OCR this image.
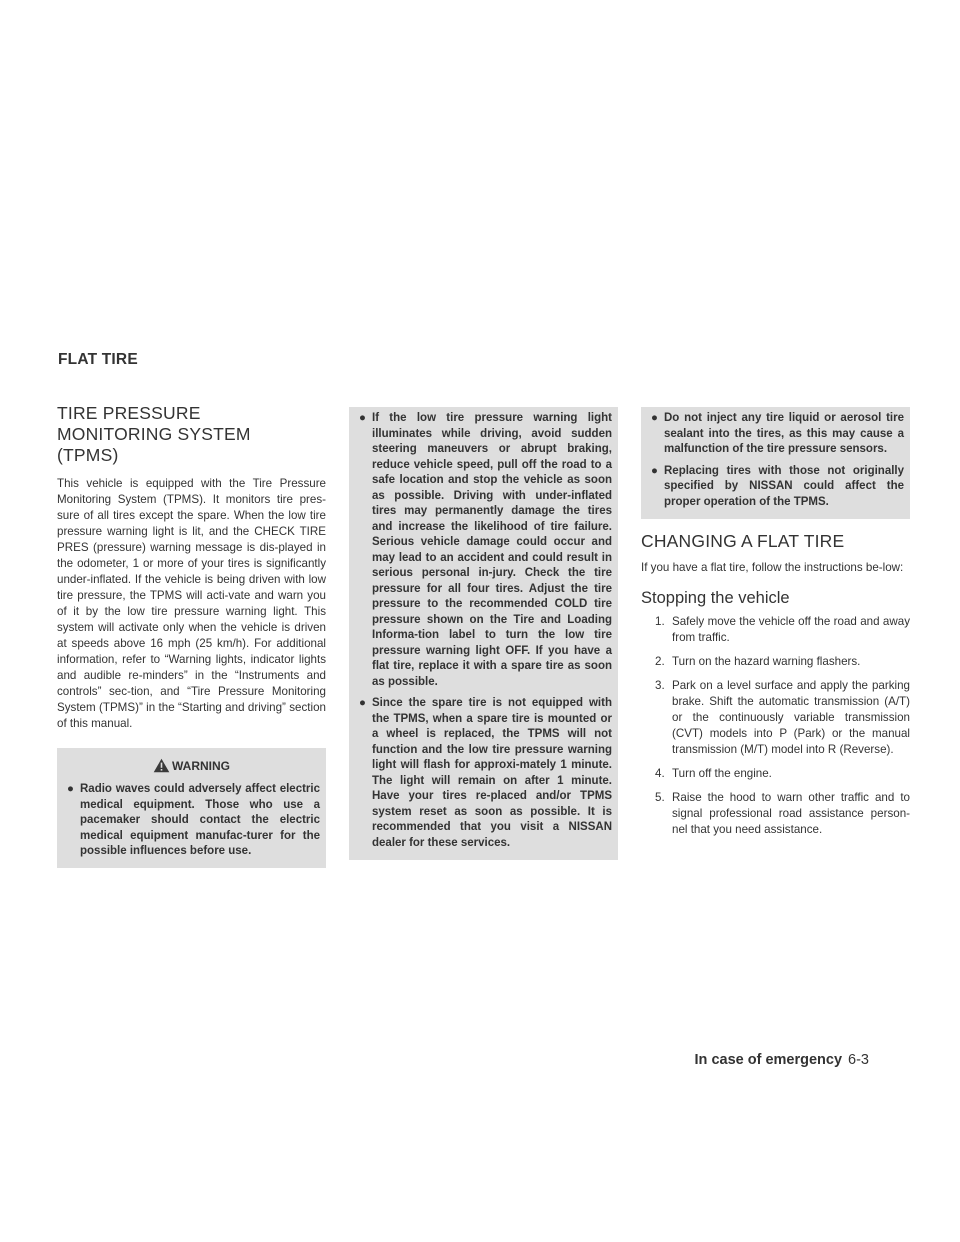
FLAT TIRE
TIRE PRESSURE MONITORING SYSTEM (TPMS)

This vehicle is equipped with the Tire Pressure Monitoring System (TPMS). It monitors tire pres-sure of all tires except the spare. When the low tire pressure warning light is lit, and the CHECK TIRE PRES (pressure) warning message is dis-played in the odometer, 1 or more of your tires is significantly under-inflated. If the vehicle is being driven with low tire pressure, the TPMS will acti-vate and warn you of it by the low tire pressure warning light. This system will activate only when the vehicle is driven at speeds above 16 mph (25 km/h). For additional information, refer to “Warning lights, indicator lights and audible re-minders” in the “Instruments and controls” sec-tion, and “Tire Pressure Monitoring System (TPMS)” in the “Starting and driving” section of this manual.

WARNING
● Radio waves could adversely affect electric medical equipment. Those who use a pacemaker should contact the electric medical equipment manufac-turer for the possible influences before use.
● If the low tire pressure warning light illuminates while driving, avoid sudden steering maneuvers or abrupt braking, reduce vehicle speed, pull off the road to a safe location and stop the vehicle as soon as possible. Driving with under-inflated tires may permanently damage the tires and increase the likelihood of tire failure. Serious vehicle damage could occur and may lead to an accident and could result in serious personal in-jury. Check the tire pressure for all four tires. Adjust the tire pressure to the recommended COLD tire pressure shown on the Tire and Loading Informa-tion label to turn the low tire pressure warning light OFF. If you have a flat tire, replace it with a spare tire as soon as possible.
● Since the spare tire is not equipped with the TPMS, when a spare tire is mounted or a wheel is replaced, the TPMS will not function and the low tire pressure warning light will flash for approxi-mately 1 minute. The light will remain on after 1 minute. Have your tires re-placed and/or TPMS system reset as soon as possible. It is recommended that you visit a NISSAN dealer for these services.
● Do not inject any tire liquid or aerosol tire sealant into the tires, as this may cause a malfunction of the tire pressure sensors.
● Replacing tires with those not originally specified by NISSAN could affect the proper operation of the TPMS.
CHANGING A FLAT TIRE

If you have a flat tire, follow the instructions be-low:

Stopping the vehicle
1. Safely move the vehicle off the road and away from traffic.
2. Turn on the hazard warning flashers.
3. Park on a level surface and apply the parking brake. Shift the automatic transmission (A/T) or the continuously variable transmission (CVT) models into P (Park) or the manual transmission (M/T) model into R (Reverse).
4. Turn off the engine.
5. Raise the hood to warn other traffic and to signal professional road assistance person-nel that you need assistance.
In case of emergency 6-3
